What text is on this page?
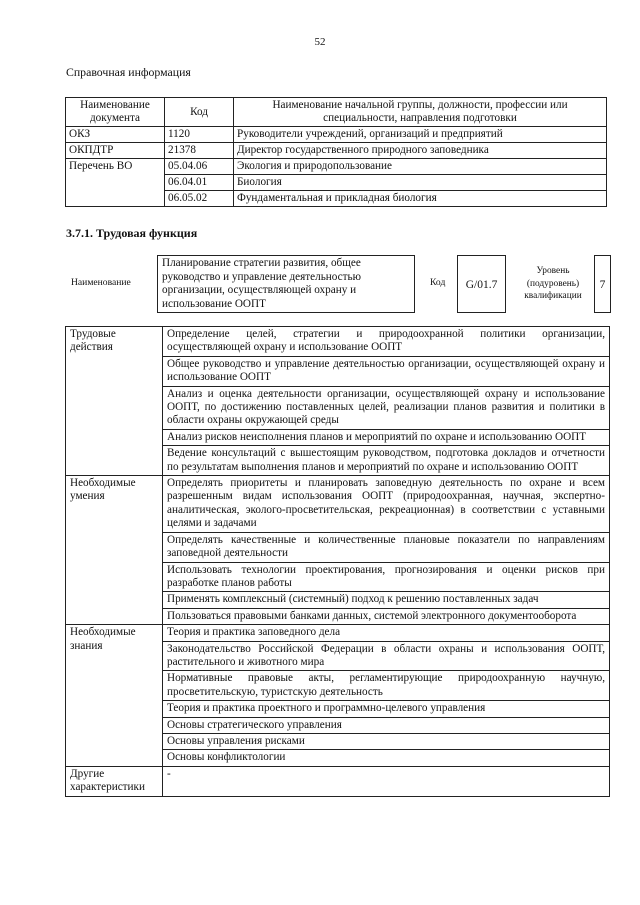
52
Справочная информация
Наименование документа	Код	Наименование начальной группы, должности, профессии или специальности, направления подготовки
ОКЗ	1120	Руководители учреждений, организаций и предприятий
ОКПДТР	21378	Директор государственного природного заповедника
Перечень ВО	05.04.06	Экология и природопользование
	06.04.01	Биология
	06.05.02	Фундаментальная и прикладная биология
3.7.1. Трудовая функция
Наименование
Планирование стратегии развития, общее руководство и управление деятельностью организации, осуществляющей охрану и использование ООПТ
Код	G/01.7
Уровень (подуровень) квалификации
7
Трудовые действия	Определение целей, стратегии и природоохранной политики организации, осуществляющей охрану и использование ООПТ
	Общее руководство и управление деятельностью организации, осуществляющей охрану и использование ООПТ
	Анализ и оценка деятельности организации, осуществляющей охрану и использование ООПТ, по достижению поставленных целей, реализации планов развития и политики в области охраны окружающей среды
	Анализ рисков неисполнения планов и мероприятий по охране и использованию ООПТ
	Ведение консультаций с вышестоящим руководством, подготовка докладов и отчетности по результатам выполнения планов и мероприятий по охране и использованию ООПТ
Необходимые умения	Определять приоритеты и планировать заповедную деятельность по охране и всем разрешенным видам использования ООПТ (природоохранная, научная, экспертно-аналитическая, эколого-просветительская, рекреационная) в соответствии с уставными целями и задачами
	Определять качественные и количественные плановые показатели по направлениям заповедной деятельности
	Использовать технологии проектирования, прогнозирования и оценки рисков при разработке планов работы
	Применять комплексный (системный) подход к решению поставленных задач
	Пользоваться правовыми банками данных, системой электронного документооборота
Необходимые знания	Теория и практика заповедного дела
	Законодательство Российской Федерации в области охраны и использования ООПТ, растительного и животного мира
	Нормативные правовые акты, регламентирующие природоохранную научную, просветительскую, туристскую деятельность
	Теория и практика проектного и программно-целевого управления
	Основы стратегического управления
	Основы управления рисками
	Основы конфликтологии
Другие характеристики	-
